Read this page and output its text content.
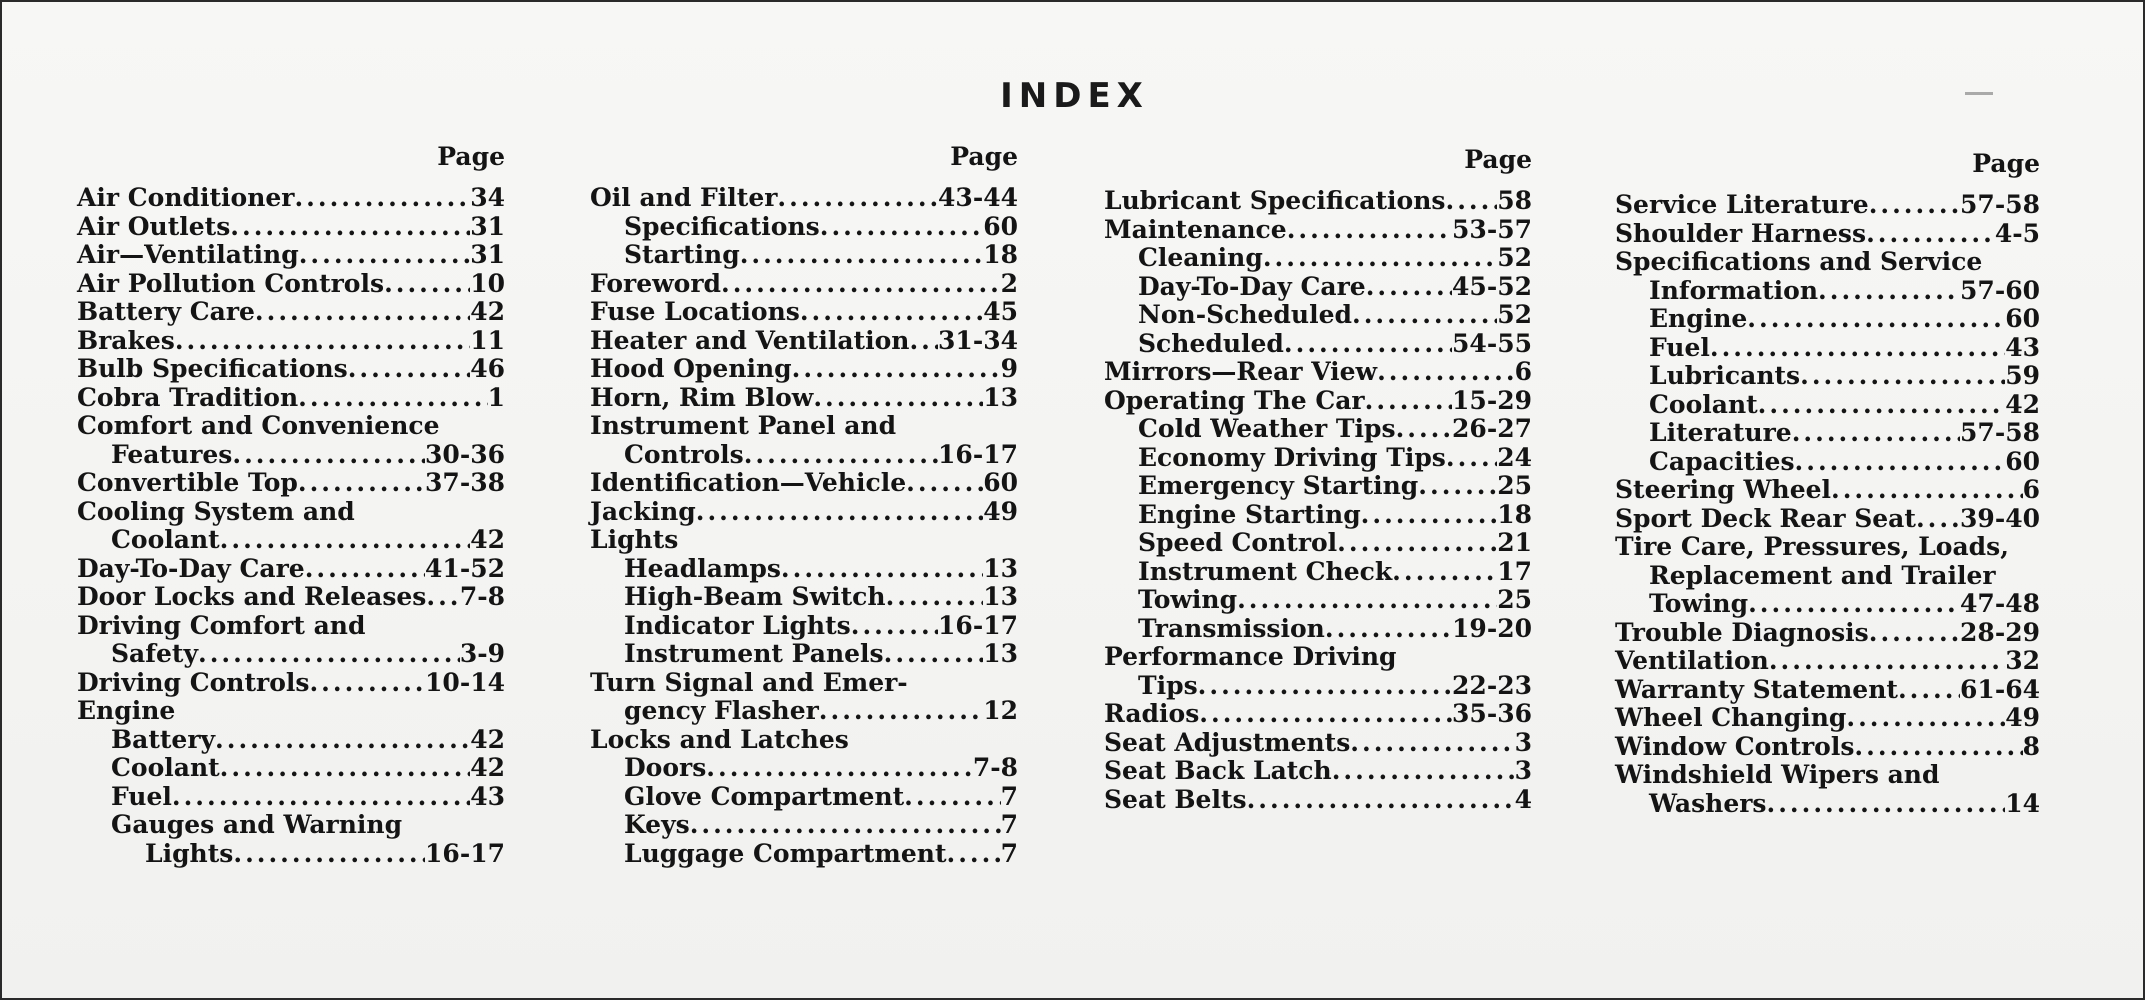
INDEX
Page
Air Conditioner .....	34
Air Outlets .....	31
Air—Ventilating .....	31
Air Pollution Controls .....	10
Battery Care .....	42
Brakes .....	11
Bulb Specifications .....	46
Cobra Tradition .....	1
Comfort and Convenience
Features .....	30-36
Convertible Top .....	37-38
Cooling System and
Coolant .....	42
Day-To-Day Care .....	41-52
Door Locks and Releases ..... 7-8
Driving Comfort and
Safety .....	3-9
Driving Controls .....	10-14
Engine
Battery .....	42
Coolant .....	42
Fuel .....	43
Gauges and Warning
Lights .....	16-17
Page
Oil and Filter .....	43-44
Specifications .....	60
Starting .....	18
Foreword .....	2
Fuse Locations .....	45
Heater and Ventilation ..... 31-34
Hood Opening .....	9
Horn, Rim Blow .....	13
Instrument Panel and
Controls .....	16-17
Identification—Vehicle .....	60
Jacking .....	49
Lights
Headlamps .....	13
High-Beam Switch .....	13
Indicator Lights .....	16-17
Instrument Panels .....	13
Turn Signal and Emer-
gency Flasher .....	12
Locks and Latches
Doors .....	7-8
Glove Compartment .....	7
Keys .....	7
Luggage Compartment ..... 7
Page
Lubricant Specifications ..... 58
Maintenance .....	53-57
Cleaning .....	52
Day-To-Day Care .....	45-52
Non-Scheduled .....	52
Scheduled .....	54-55
Mirrors—Rear View .....	6
Operating The Car .....	15-29
Cold Weather Tips ..... 26-27
Economy Driving Tips ..... 24
Emergency Starting .....	25
Engine Starting .....	18
Speed Control .....	21
Instrument Check .....	17
Towing .....	25
Transmission .....	19-20
Performance Driving
Tips .....	22-23
Radios .....	35-36
Seat Adjustments .....	3
Seat Back Latch .....	3
Seat Belts .....	4
Page
Service Literature .....	57-58
Shoulder Harness .....	4-5
Specifications and Service
Information .....	57-60
Engine .....	60
Fuel .....	43
Lubricants .....	59
Coolant .....	42
Literature .....	57-58
Capacities .....	60
Steering Wheel .....	6
Sport Deck Rear Seat ..... 39-40
Tire Care, Pressures, Loads,
Replacement and Trailer
Towing .....	47-48
Trouble Diagnosis .....	28-29
Ventilation .....	32
Warranty Statement ..... 61-64
Wheel Changing .....	49
Window Controls .....	8
Windshield Wipers and
Washers .....	14
